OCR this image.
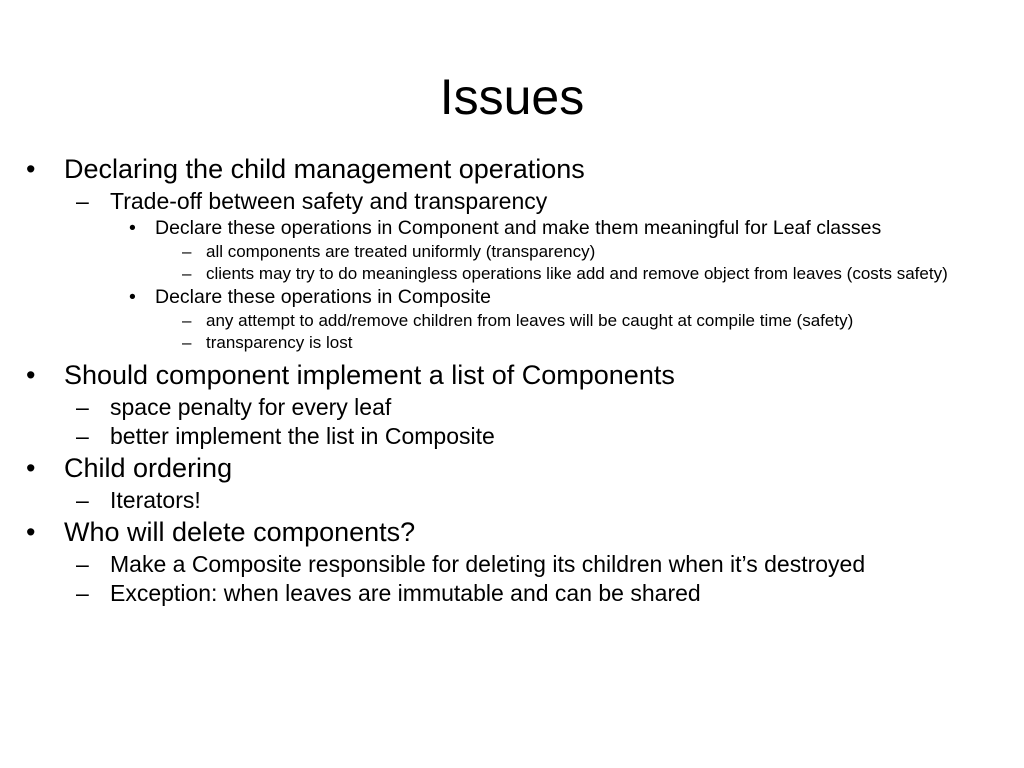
Issues
• Declaring the child management operations
– Trade-off between safety and transparency
• Declare these operations in Component and make them meaningful for Leaf classes
– all components are treated uniformly (transparency)
– clients may try to do meaningless operations like add and remove object from leaves (costs safety)
• Declare these operations in Composite
– any attempt to add/remove children from leaves will be caught at compile time (safety)
– transparency is lost
• Should component implement a list of Components
– space penalty for every leaf
– better implement the list in Composite
• Child ordering
– Iterators!
• Who will delete components?
– Make a Composite responsible for deleting its children when it’s destroyed
– Exception: when leaves are immutable and can be shared
